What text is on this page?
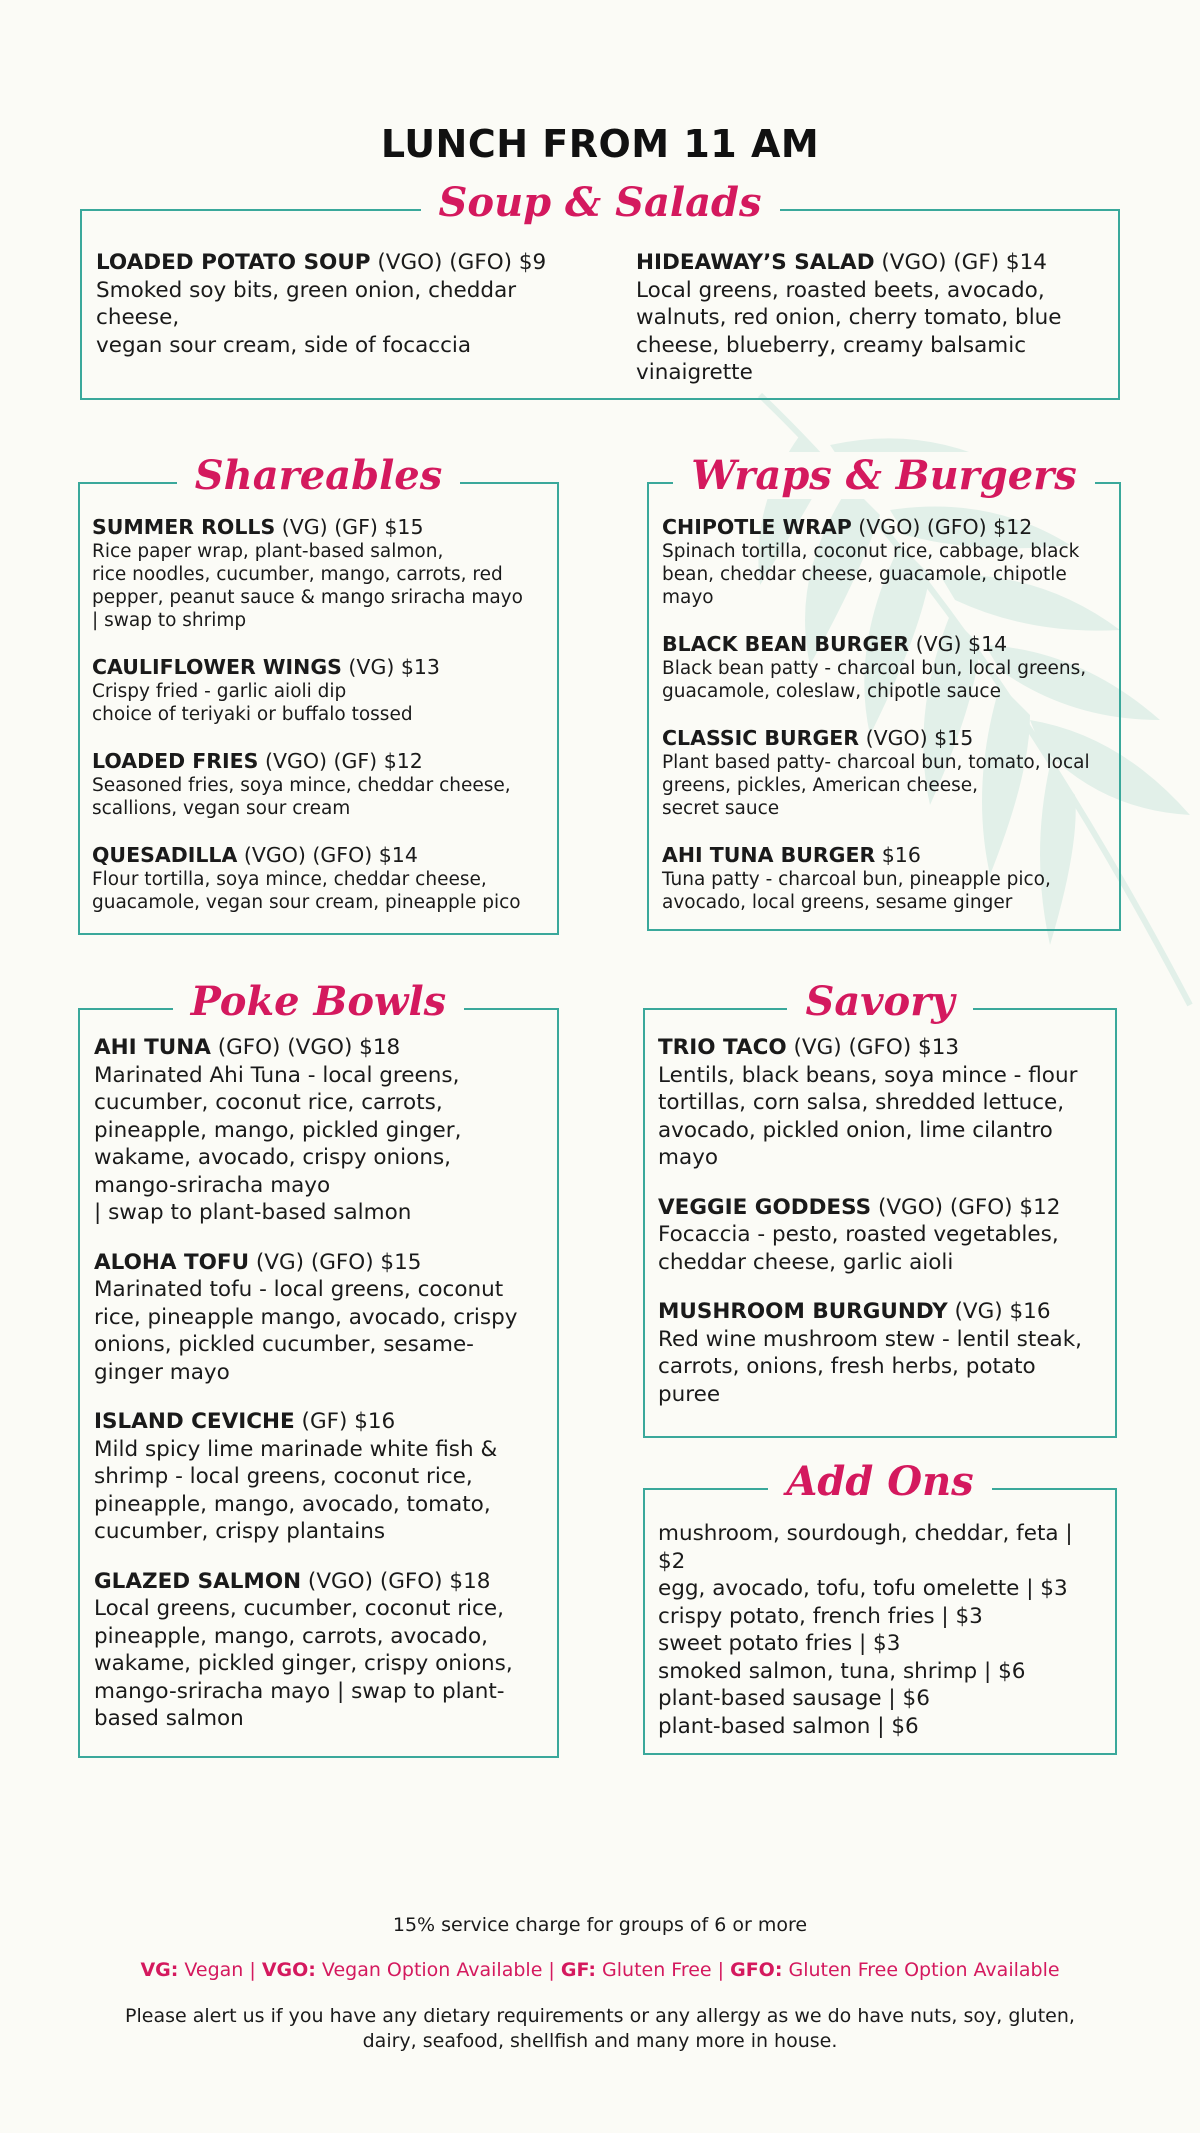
LUNCH FROM 11 AM
Soup & Salads
LOADED POTATO SOUP (VGO) (GFO) $9
Smoked soy bits, green onion, cheddar
cheese,
vegan sour cream, side of focaccia
HIDEAWAY’S SALAD (VGO) (GF) $14
Local greens, roasted beets, avocado,
walnuts, red onion, cherry tomato, blue
cheese, blueberry, creamy balsamic
vinaigrette
Shareables
SUMMER ROLLS (VG) (GF) $15
Rice paper wrap, plant-based salmon,
rice noodles, cucumber, mango, carrots, red
pepper, peanut sauce & mango sriracha mayo
| swap to shrimp
CAULIFLOWER WINGS (VG) $13
Crispy fried - garlic aioli dip
choice of teriyaki or buffalo tossed
LOADED FRIES (VGO) (GF) $12
Seasoned fries, soya mince, cheddar cheese,
scallions, vegan sour cream
QUESADILLA (VGO) (GFO) $14
Flour tortilla, soya mince, cheddar cheese,
guacamole, vegan sour cream, pineapple pico
Wraps & Burgers
CHIPOTLE WRAP (VGO) (GFO) $12
Spinach tortilla, coconut rice, cabbage, black
bean, cheddar cheese, guacamole, chipotle
mayo
BLACK BEAN BURGER (VG) $14
Black bean patty - charcoal bun, local greens,
guacamole, coleslaw, chipotle sauce
CLASSIC BURGER (VGO) $15
Plant based patty- charcoal bun, tomato, local
greens, pickles, American cheese,
secret sauce
AHI TUNA BURGER $16
Tuna patty - charcoal bun, pineapple pico,
avocado, local greens, sesame ginger
Poke Bowls
AHI TUNA (GFO) (VGO) $18
Marinated Ahi Tuna - local greens,
cucumber, coconut rice, carrots,
pineapple, mango, pickled ginger,
wakame, avocado, crispy onions,
mango-sriracha mayo
| swap to plant-based salmon
ALOHA TOFU (VG) (GFO) $15
Marinated tofu - local greens, coconut
rice, pineapple mango, avocado, crispy
onions, pickled cucumber, sesame-
ginger mayo
ISLAND CEVICHE (GF) $16
Mild spicy lime marinade white fish &
shrimp - local greens, coconut rice,
pineapple, mango, avocado, tomato,
cucumber, crispy plantains
GLAZED SALMON (VGO) (GFO) $18
Local greens, cucumber, coconut rice,
pineapple, mango, carrots, avocado,
wakame, pickled ginger, crispy onions,
mango-sriracha mayo | swap to plant-
based salmon
Savory
TRIO TACO (VG) (GFO) $13
Lentils, black beans, soya mince - flour
tortillas, corn salsa, shredded lettuce,
avocado, pickled onion, lime cilantro
mayo
VEGGIE GODDESS (VGO) (GFO) $12
Focaccia - pesto, roasted vegetables,
cheddar cheese, garlic aioli
MUSHROOM BURGUNDY (VG) $16
Red wine mushroom stew - lentil steak,
carrots, onions, fresh herbs, potato
puree
Add Ons
mushroom, sourdough, cheddar, feta |
$2
egg, avocado, tofu, tofu omelette | $3
crispy potato, french fries | $3
sweet potato fries | $3
smoked salmon, tuna, shrimp | $6
plant-based sausage | $6
plant-based salmon | $6
15% service charge for groups of 6 or more
VG: Vegan | VGO: Vegan Option Available | GF: Gluten Free | GFO: Gluten Free Option Available
Please alert us if you have any dietary requirements or any allergy as we do have nuts, soy, gluten, dairy, seafood, shellfish and many more in house.
